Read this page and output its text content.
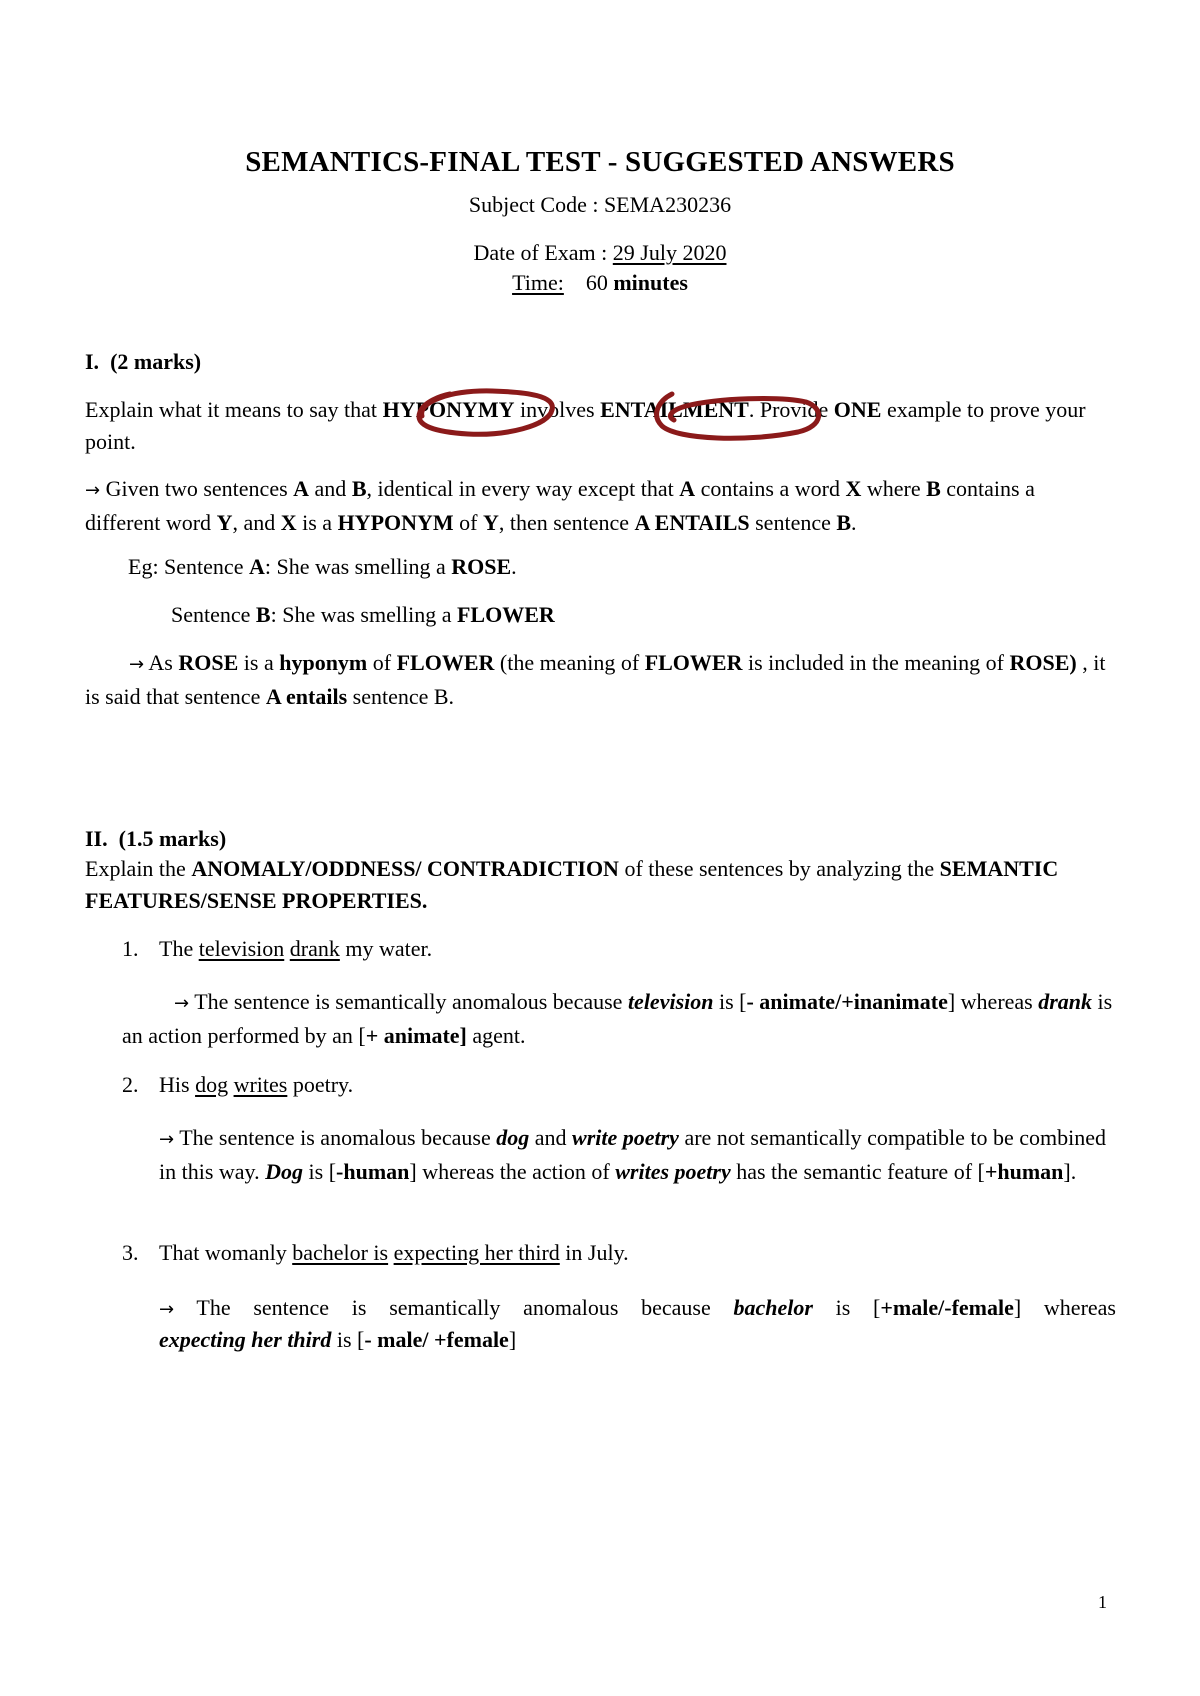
SEMANTICS-FINAL TEST - SUGGESTED ANSWERS
Subject Code : SEMA230236
Date of Exam : 29 July 2020
Time: 60 minutes
I. (2 marks)
Explain what it means to say that HYPONYMY involves ENTAILMENT. Provide ONE example to prove your point.
→ Given two sentences A and B, identical in every way except that A contains a word X where B contains a different word Y, and X is a HYPONYM of Y, then sentence A ENTAILS sentence B.
Eg: Sentence A: She was smelling a ROSE.
Sentence B: She was smelling a FLOWER
→ As ROSE is a hyponym of FLOWER (the meaning of FLOWER is included in the meaning of ROSE) , it is said that sentence A entails sentence B.
II. (1.5 marks)
Explain the ANOMALY/ODDNESS/ CONTRADICTION of these sentences by analyzing the SEMANTIC FEATURES/SENSE PROPERTIES.
1. The television drank my water.
→ The sentence is semantically anomalous because television is [- animate/+inanimate] whereas drank is an action performed by an [+ animate] agent.
2. His dog writes poetry.
→ The sentence is anomalous because dog and write poetry are not semantically compatible to be combined in this way. Dog is [-human] whereas the action of writes poetry has the semantic feature of [+human].
3. That womanly bachelor is expecting her third in July.
→ The sentence is semantically anomalous because bachelor is [+male/-female] whereas
expecting her third is [- male/ +female]
1
